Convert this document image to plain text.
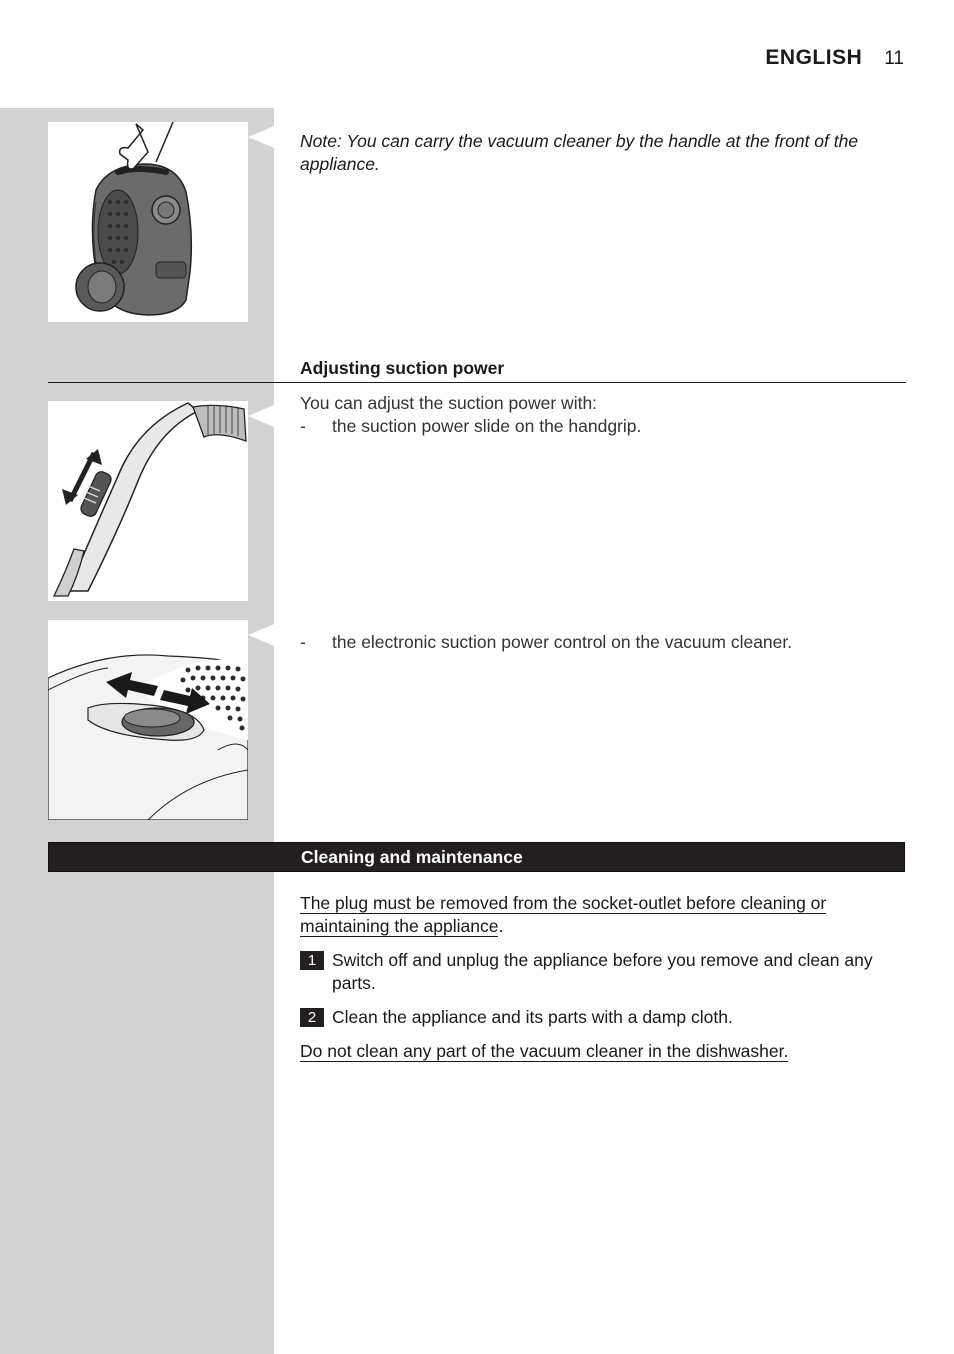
ENGLISH 11
Note: You can carry the vacuum cleaner by the handle at the front of the appliance.
Adjusting suction power
You can adjust the suction power with:
-	the suction power slide on the handgrip.
-	the electronic suction power control on the vacuum cleaner.
Cleaning and maintenance
The plug must be removed from the socket-outlet before cleaning or
maintaining the appliance.
1 Switch off and unplug the appliance before you remove and clean any parts.
2 Clean the appliance and its parts with a damp cloth.
Do not clean any part of the vacuum cleaner in the dishwasher.
